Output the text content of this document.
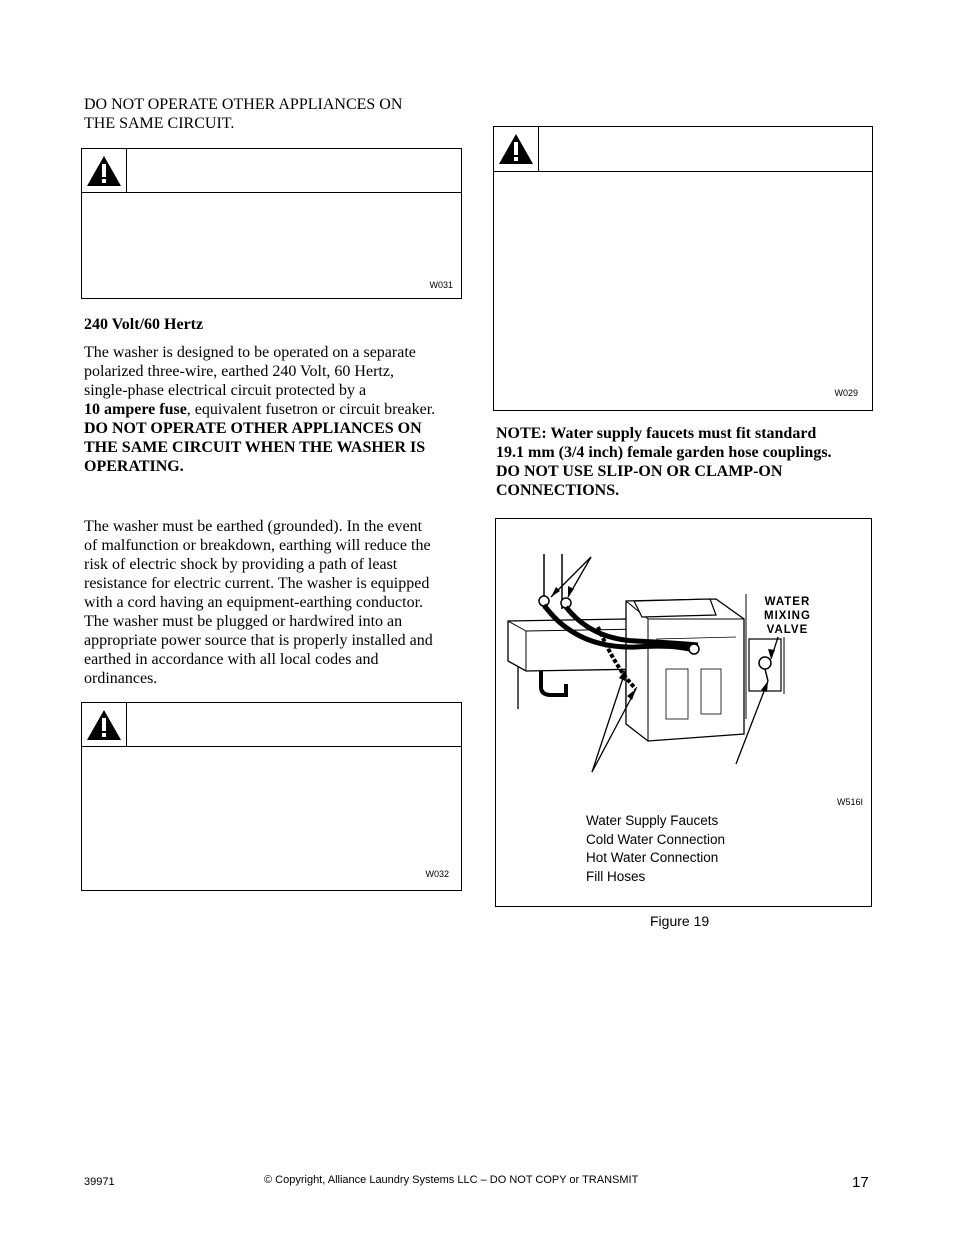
DO NOT OPERATE OTHER APPLIANCES ON
THE SAME CIRCUIT.
W031
240 Volt/60 Hertz
The washer is designed to be operated on a separate
polarized three-wire, earthed 240 Volt, 60 Hertz,
single-phase electrical circuit protected by a
10 ampere fuse, equivalent fusetron or circuit breaker.
DO NOT OPERATE OTHER APPLIANCES ON
THE SAME CIRCUIT WHEN THE WASHER IS
OPERATING.
The washer must be earthed (grounded). In the event
of malfunction or breakdown, earthing will reduce the
risk of electric shock by providing a path of least
resistance for electric current. The washer is equipped
with a cord having an equipment-earthing conductor.
The washer must be plugged or hardwired into an
appropriate power source that is properly installed and
earthed in accordance with all local codes and
ordinances.
W032
W029
NOTE: Water supply faucets must fit standard
19.1 mm (3/4 inch) female garden hose couplings.
DO NOT USE SLIP-ON OR CLAMP-ON
CONNECTIONS.
WATER
MIXING
VALVE
W516I
Water Supply Faucets
Cold Water Connection
Hot Water Connection
Fill Hoses
Figure 19
39971	© Copyright, Alliance Laundry Systems LLC – DO NOT COPY or TRANSMIT	17
